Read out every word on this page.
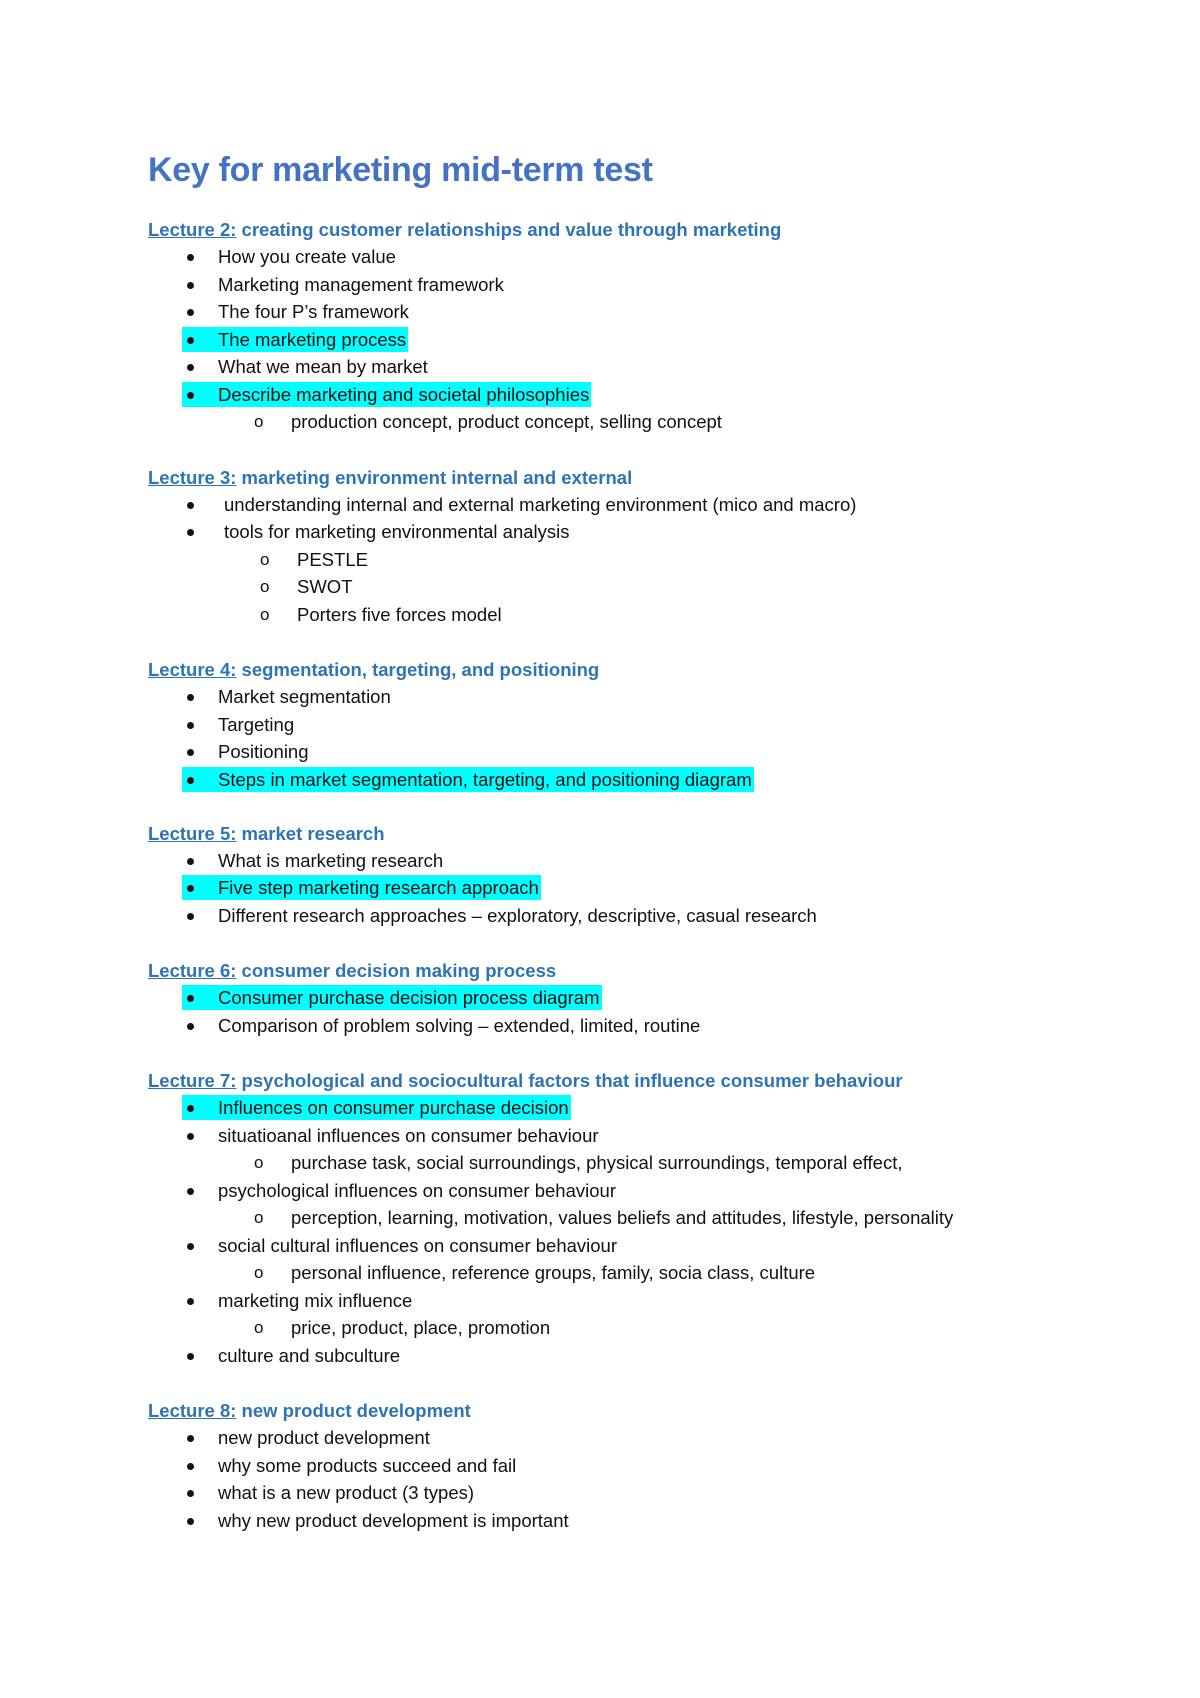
Key for marketing mid-term test
Lecture 2: creating customer relationships and value through marketing
How you create value
Marketing management framework
The four P’s framework
The marketing process
What we mean by market
Describe marketing and societal philosophies
o production concept, product concept, selling concept
Lecture 3: marketing environment internal and external
understanding internal and external marketing environment (mico and macro)
tools for marketing environmental analysis
o PESTLE
o SWOT
o Porters five forces model
Lecture 4: segmentation, targeting, and positioning
Market segmentation
Targeting
Positioning
Steps in market segmentation, targeting, and positioning diagram
Lecture 5: market research
What is marketing research
Five step marketing research approach
Different research approaches – exploratory, descriptive, casual research
Lecture 6: consumer decision making process
Consumer purchase decision process diagram
Comparison of problem solving – extended, limited, routine
Lecture 7: psychological and sociocultural factors that influence consumer behaviour
Influences on consumer purchase decision
situatioanal influences on consumer behaviour
o purchase task, social surroundings, physical surroundings, temporal effect,
psychological influences on consumer behaviour
o perception, learning, motivation, values beliefs and attitudes, lifestyle, personality
social cultural influences on consumer behaviour
o personal influence, reference groups, family, socia class, culture
marketing mix influence
o price, product, place, promotion
culture and subculture
Lecture 8: new product development
new product development
why some products succeed and fail
what is a new product (3 types)
why new product development is important
